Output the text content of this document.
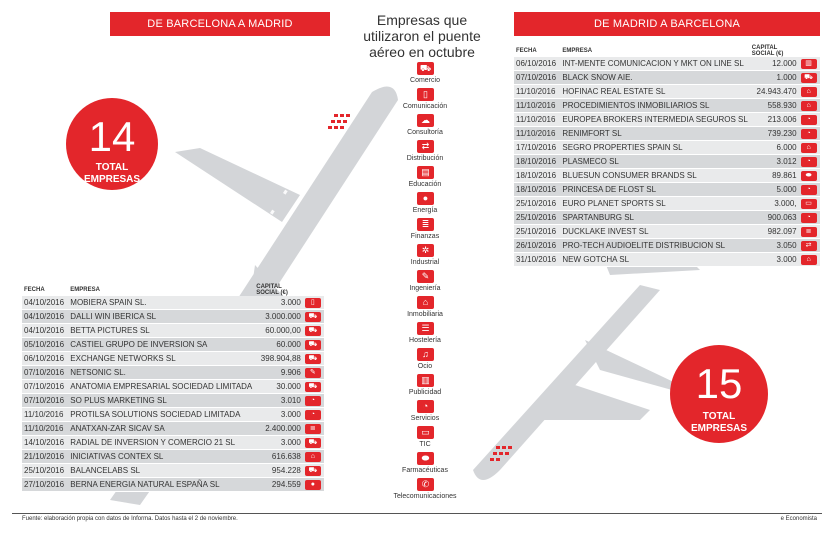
DE BARCELONA A MADRID	DE MADRID A BARCELONA
14
TOTAL
EMPRESAS
15
TOTAL
EMPRESAS
Empresas que utilizaron el puente aéreo en octubre
⛟
Comercio
▯
Comunicación
☁
Consultoría
⇄
Distribución
▤
Educación
●
Energía
≣
Finanzas
✲
Industrial
✎
Ingeniería
⌂
Inmobiliaria
☰
Hostelería
♫
Ocio
▥
Publicidad
◔
Servicios
▭
TIC
⬬
Farmacéuticas
✆
Telecomunicaciones
FECHA	EMPRESA	CAPITAL SOCIAL (€)	
04/10/2016	MOBIERA SPAIN SL.	3.000	▯
04/10/2016	DALLI WIN IBERICA SL	3.000.000	⛟
04/10/2016	BETTA PICTURES SL	60.000,00	⛟
05/10/2016	CASTIEL GRUPO DE INVERSION SA	60.000	⛟
06/10/2016	EXCHANGE NETWORKS SL	398.904,88	⛟
07/10/2016	NETSONIC SL.	9.906	✎
07/10/2016	ANATOMIA EMPRESARIAL SOCIEDAD LIMITADA	30.000	⛟
07/10/2016	SO PLUS MARKETING SL	3.010	◔
11/10/2016	PROTILSA SOLUTIONS SOCIEDAD LIMITADA	3.000	◔
11/10/2016	ANATXAN-ZAR SICAV SA	2.400.000	≣
14/10/2016	RADIAL DE INVERSION Y COMERCIO 21 SL	3.000	⛟
21/10/2016	INICIATIVAS CONTEX SL	616.638	⌂
25/10/2016	BALANCELABS SL	954.228	⛟
27/10/2016	BERNA ENERGIA NATURAL ESPAÑA SL	294.559	●
FECHA	EMPRESA	CAPITAL SOCIAL (€)	
06/10/2016	INT-MENTE COMUNICACION Y MKT ON LINE SL	12.000	▥
07/10/2016	BLACK SNOW AIE.	1.000	⛟
11/10/2016	HOFINAC REAL ESTATE SL	24.943.470	⌂
11/10/2016	PROCEDIMIENTOS INMOBILIARIOS SL	558.930	⌂
11/10/2016	EUROPEA BROKERS INTERMEDIA SEGUROS SL	213.006	◔
11/10/2016	RENIMFORT SL	739.230	◔
17/10/2016	SEGRO PROPERTIES SPAIN SL	6.000	⌂
18/10/2016	PLASMECO SL	3.012	◔
18/10/2016	BLUESUN CONSUMER BRANDS SL	89.861	⬬
18/10/2016	PRINCESA DE FLOST SL	5.000	◔
25/10/2016	EURO PLANET SPORTS SL	3.000,	▭
25/10/2016	SPARTANBURG SL	900.063	◔
25/10/2016	DUCKLAKE INVEST SL	982.097	≣
26/10/2016	PRO-TECH AUDIOELITE DISTRIBUCION SL	3.050	⇄
31/10/2016	NEW GOTCHA SL	3.000	⌂
Fuente: elaboración propia con datos de Informa. Datos hasta el 2 de noviembre.	e Economista
